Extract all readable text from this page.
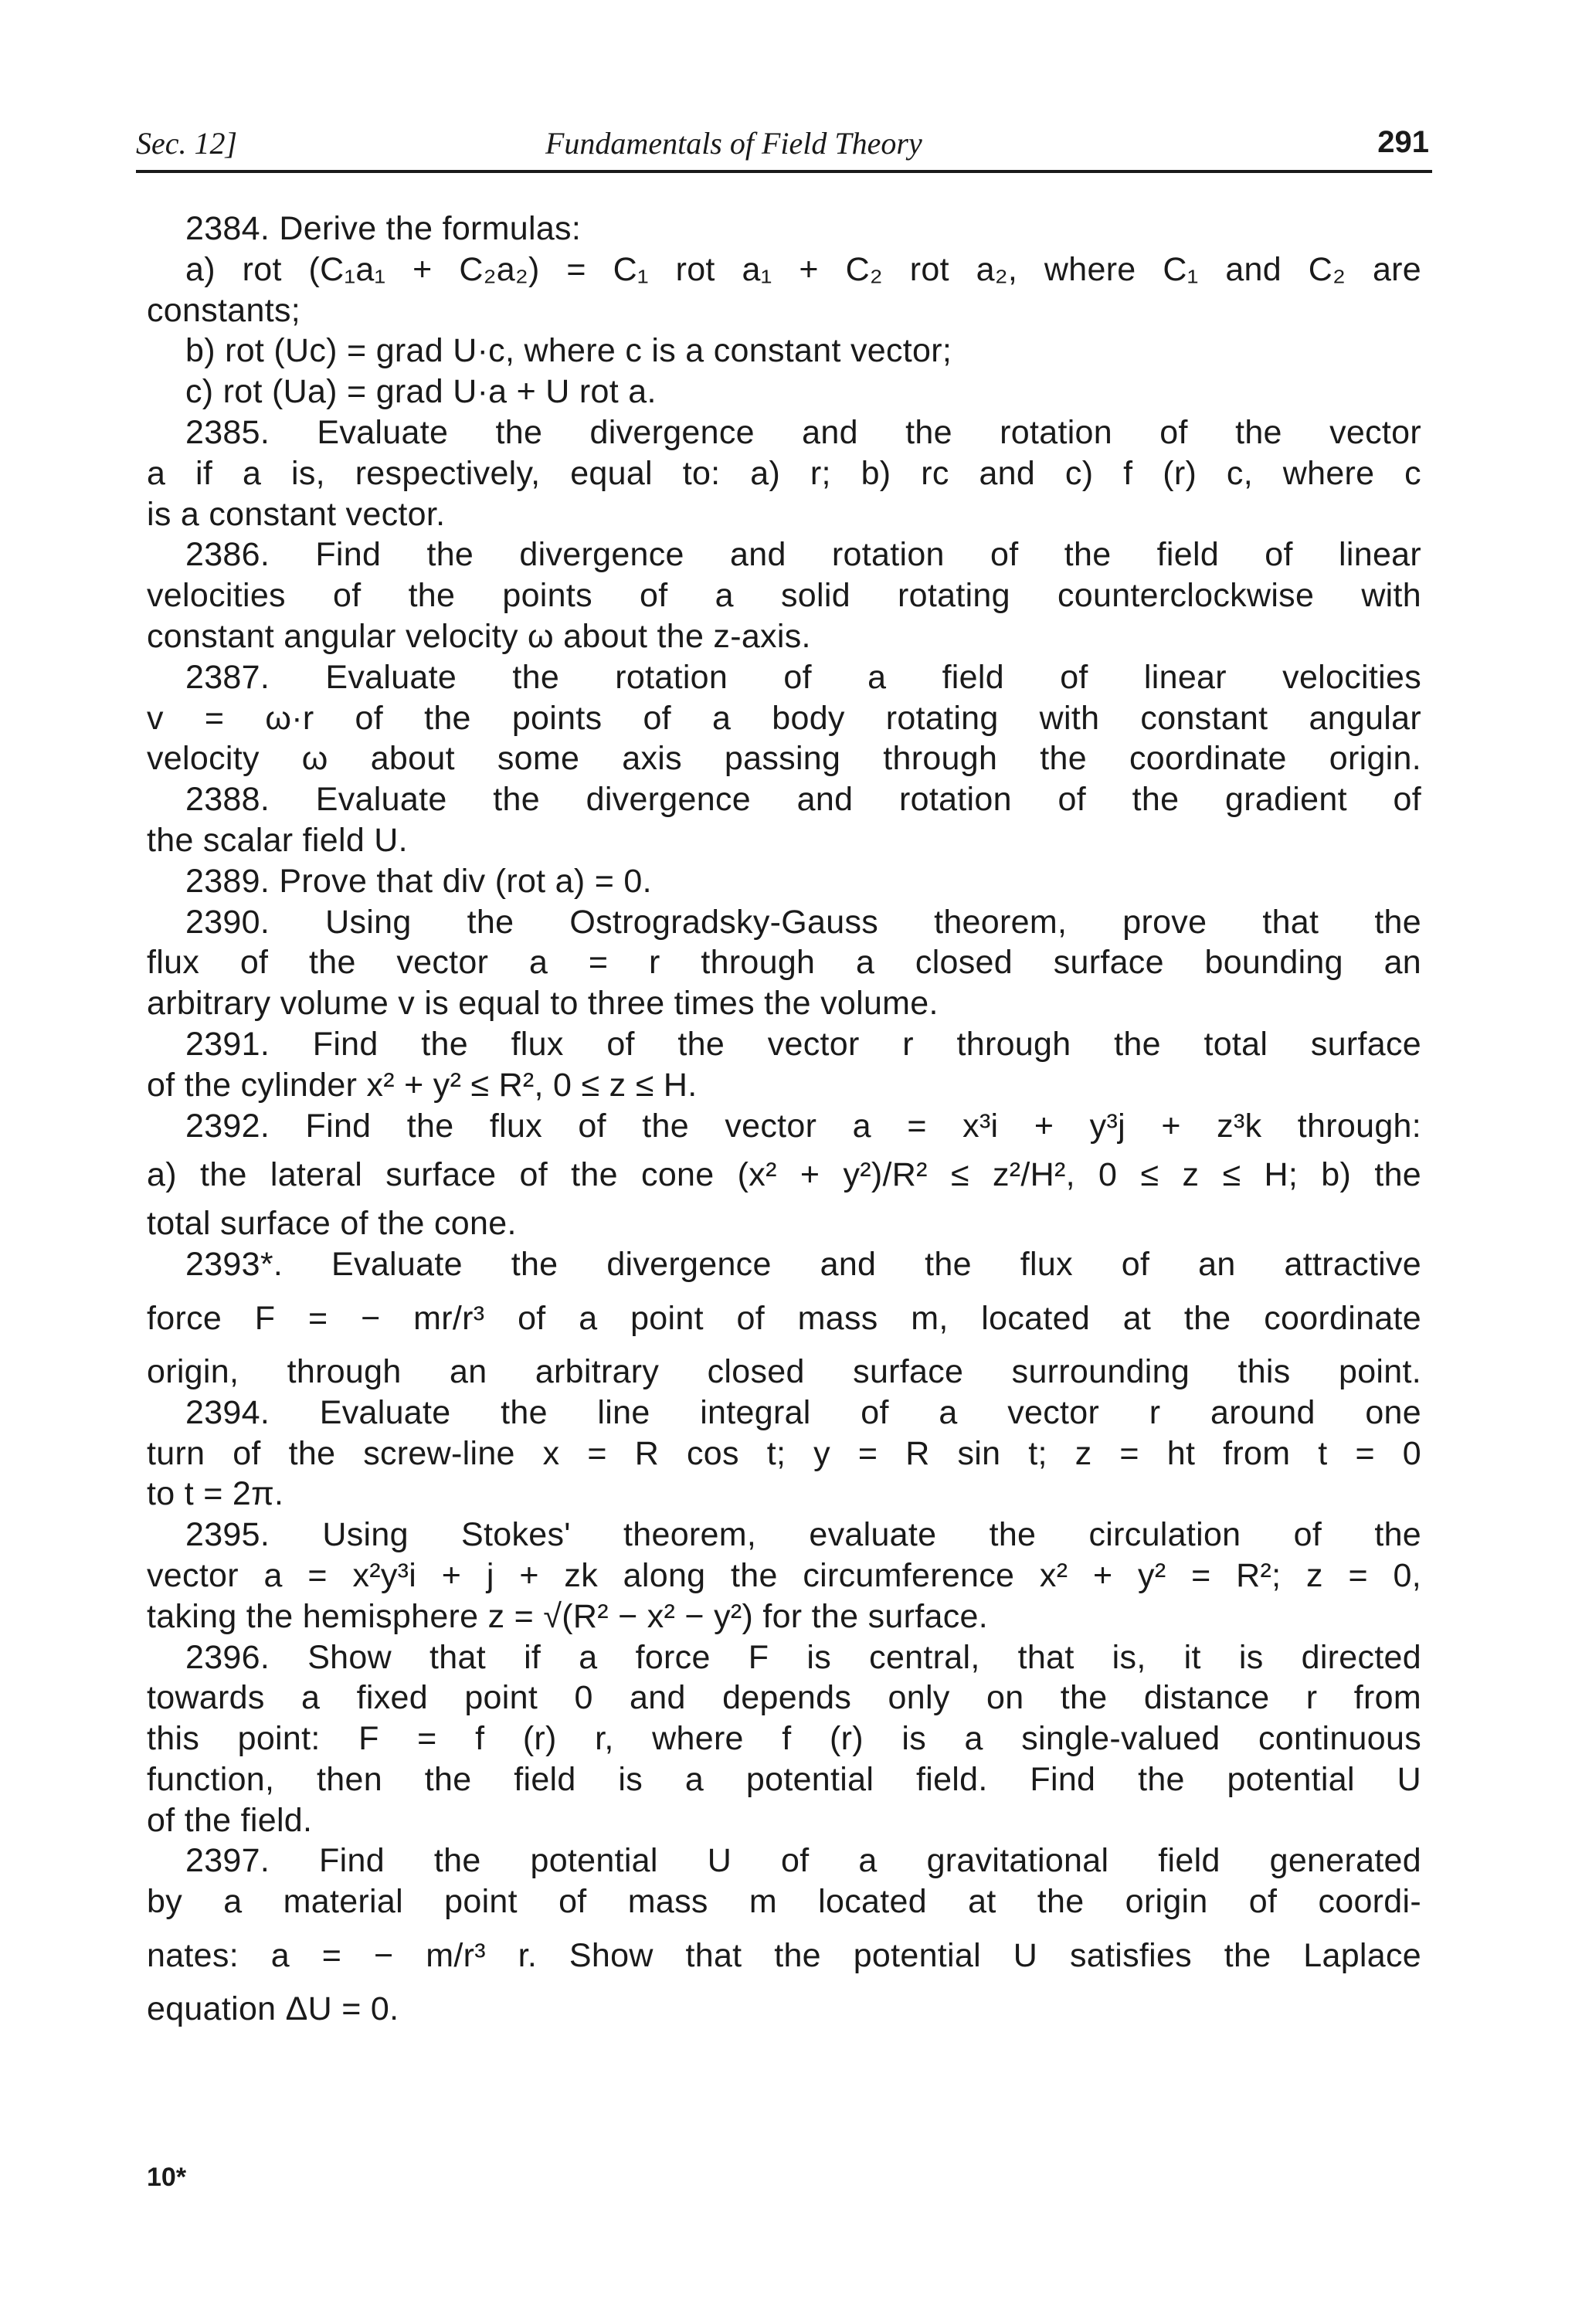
Sec. 12]	Fundamentals of Field Theory	291
2384. Derive the formulas:
a) rot (C₁a₁ + C₂a₂) = C₁ rot a₁ + C₂ rot a₂, where C₁ and C₂ are
constants;
b) rot (Uc) = grad U·c, where c is a constant vector;
c) rot (Ua) = grad U·a + U rot a.
2385. Evaluate the divergence and the rotation of the vector
a if a is, respectively, equal to: a) r; b) rc and c) f (r) c, where c
is a constant vector.
2386. Find the divergence and rotation of the field of linear
velocities of the points of a solid rotating counterclockwise with
constant angular velocity ω about the z-axis.
2387. Evaluate the rotation of a field of linear velocities
v = ω·r of the points of a body rotating with constant angular
velocity ω about some axis passing through the coordinate origin.
2388. Evaluate the divergence and rotation of the gradient of
the scalar field U.
2389. Prove that div (rot a) = 0.
2390. Using the Ostrogradsky-Gauss theorem, prove that the
flux of the vector a = r through a closed surface bounding an
arbitrary volume v is equal to three times the volume.
2391. Find the flux of the vector r through the total surface
of the cylinder x² + y² ≤ R², 0 ≤ z ≤ H.
2392. Find the flux of the vector a = x³i + y³j + z³k through:
a) the lateral surface of the cone (x² + y²)/R² ≤ z²/H², 0 ≤ z ≤ H; b) the
total surface of the cone.
2393*. Evaluate the divergence and the flux of an attractive
force F = − mr/r³ of a point of mass m, located at the coordinate
origin, through an arbitrary closed surface surrounding this point.
2394. Evaluate the line integral of a vector r around one
turn of the screw-line x = R cos t; y = R sin t; z = ht from t = 0
to t = 2π.
2395. Using Stokes' theorem, evaluate the circulation of the
vector a = x²y³i + j + zk along the circumference x² + y² = R²; z = 0,
taking the hemisphere z = √(R² − x² − y²) for the surface.
2396. Show that if a force F is central, that is, it is directed
towards a fixed point 0 and depends only on the distance r from
this point: F = f (r) r, where f (r) is a single-valued continuous
function, then the field is a potential field. Find the potential U
of the field.
2397. Find the potential U of a gravitational field generated
by a material point of mass m located at the origin of coordi-
nates: a = − m/r³ r. Show that the potential U satisfies the Laplace
equation ΔU = 0.
10*
